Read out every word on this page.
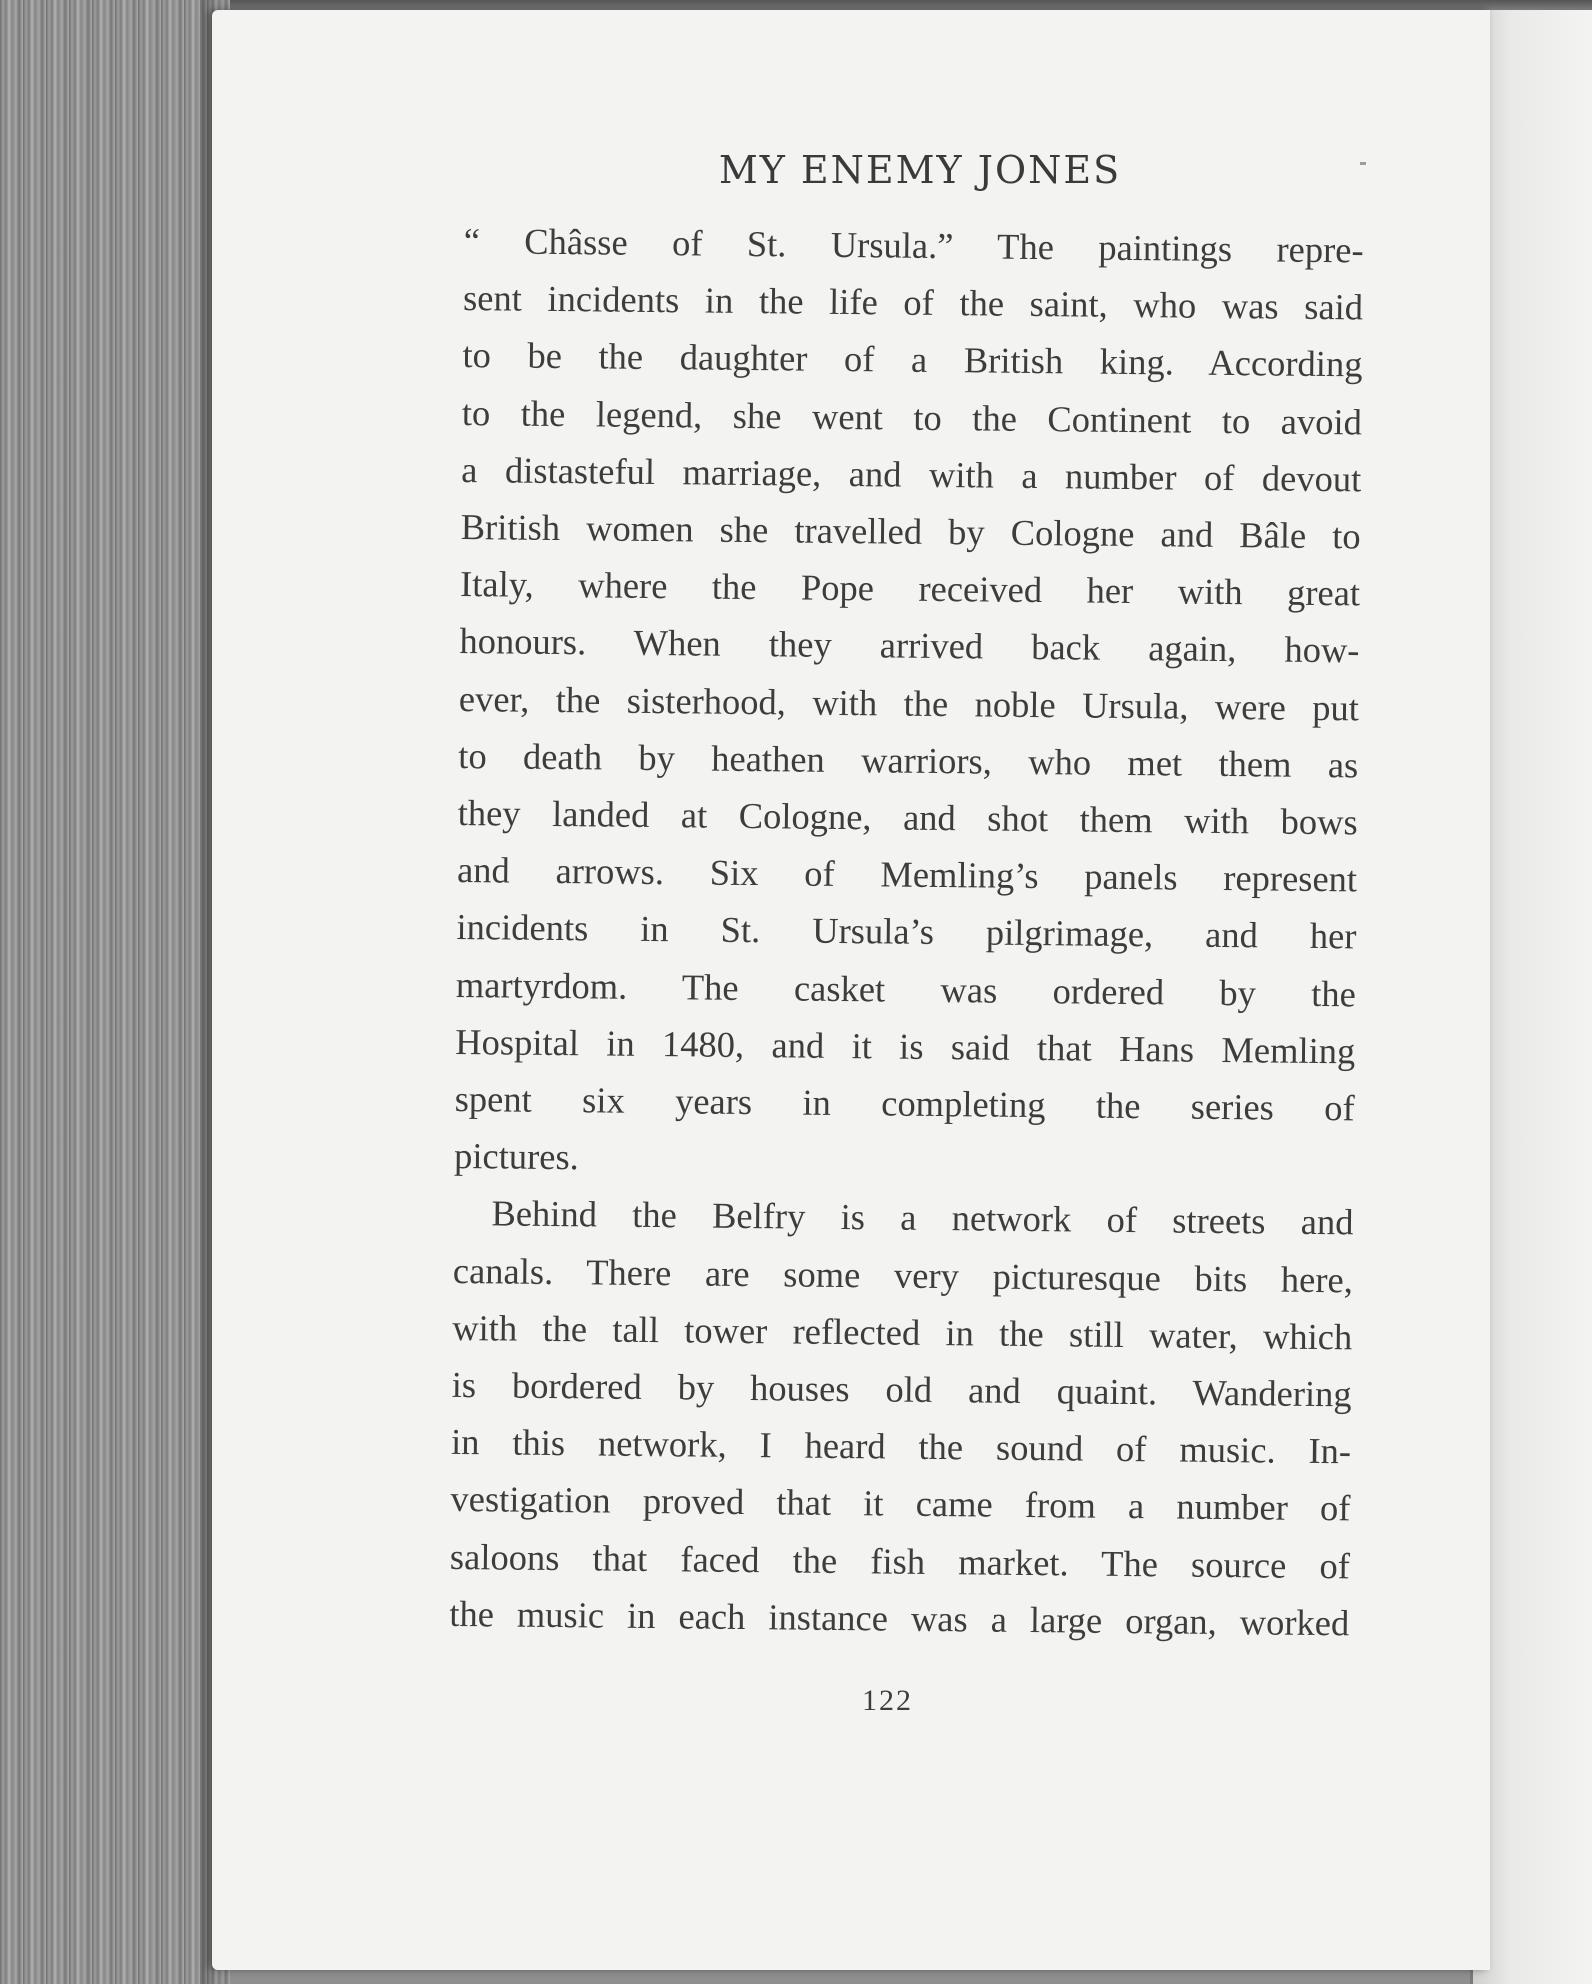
MY ENEMY JONES
“ Châsse of St. Ursula.” The paintings repre-
sent incidents in the life of the saint, who was said
to be the daughter of a British king. According
to the legend, she went to the Continent to avoid
a distasteful marriage, and with a number of devout
British women she travelled by Cologne and Bâle to
Italy, where the Pope received her with great
honours. When they arrived back again, how-
ever, the sisterhood, with the noble Ursula, were put
to death by heathen warriors, who met them as
they landed at Cologne, and shot them with bows
and arrows. Six of Memling’s panels represent
incidents in St. Ursula’s pilgrimage, and her
martyrdom. The casket was ordered by the
Hospital in 1480, and it is said that Hans Memling
spent six years in completing the series of
pictures.
Behind the Belfry is a network of streets and
canals. There are some very picturesque bits here,
with the tall tower reflected in the still water, which
is bordered by houses old and quaint. Wandering
in this network, I heard the sound of music. In-
vestigation proved that it came from a number of
saloons that faced the fish market. The source of
the music in each instance was a large organ, worked
122
